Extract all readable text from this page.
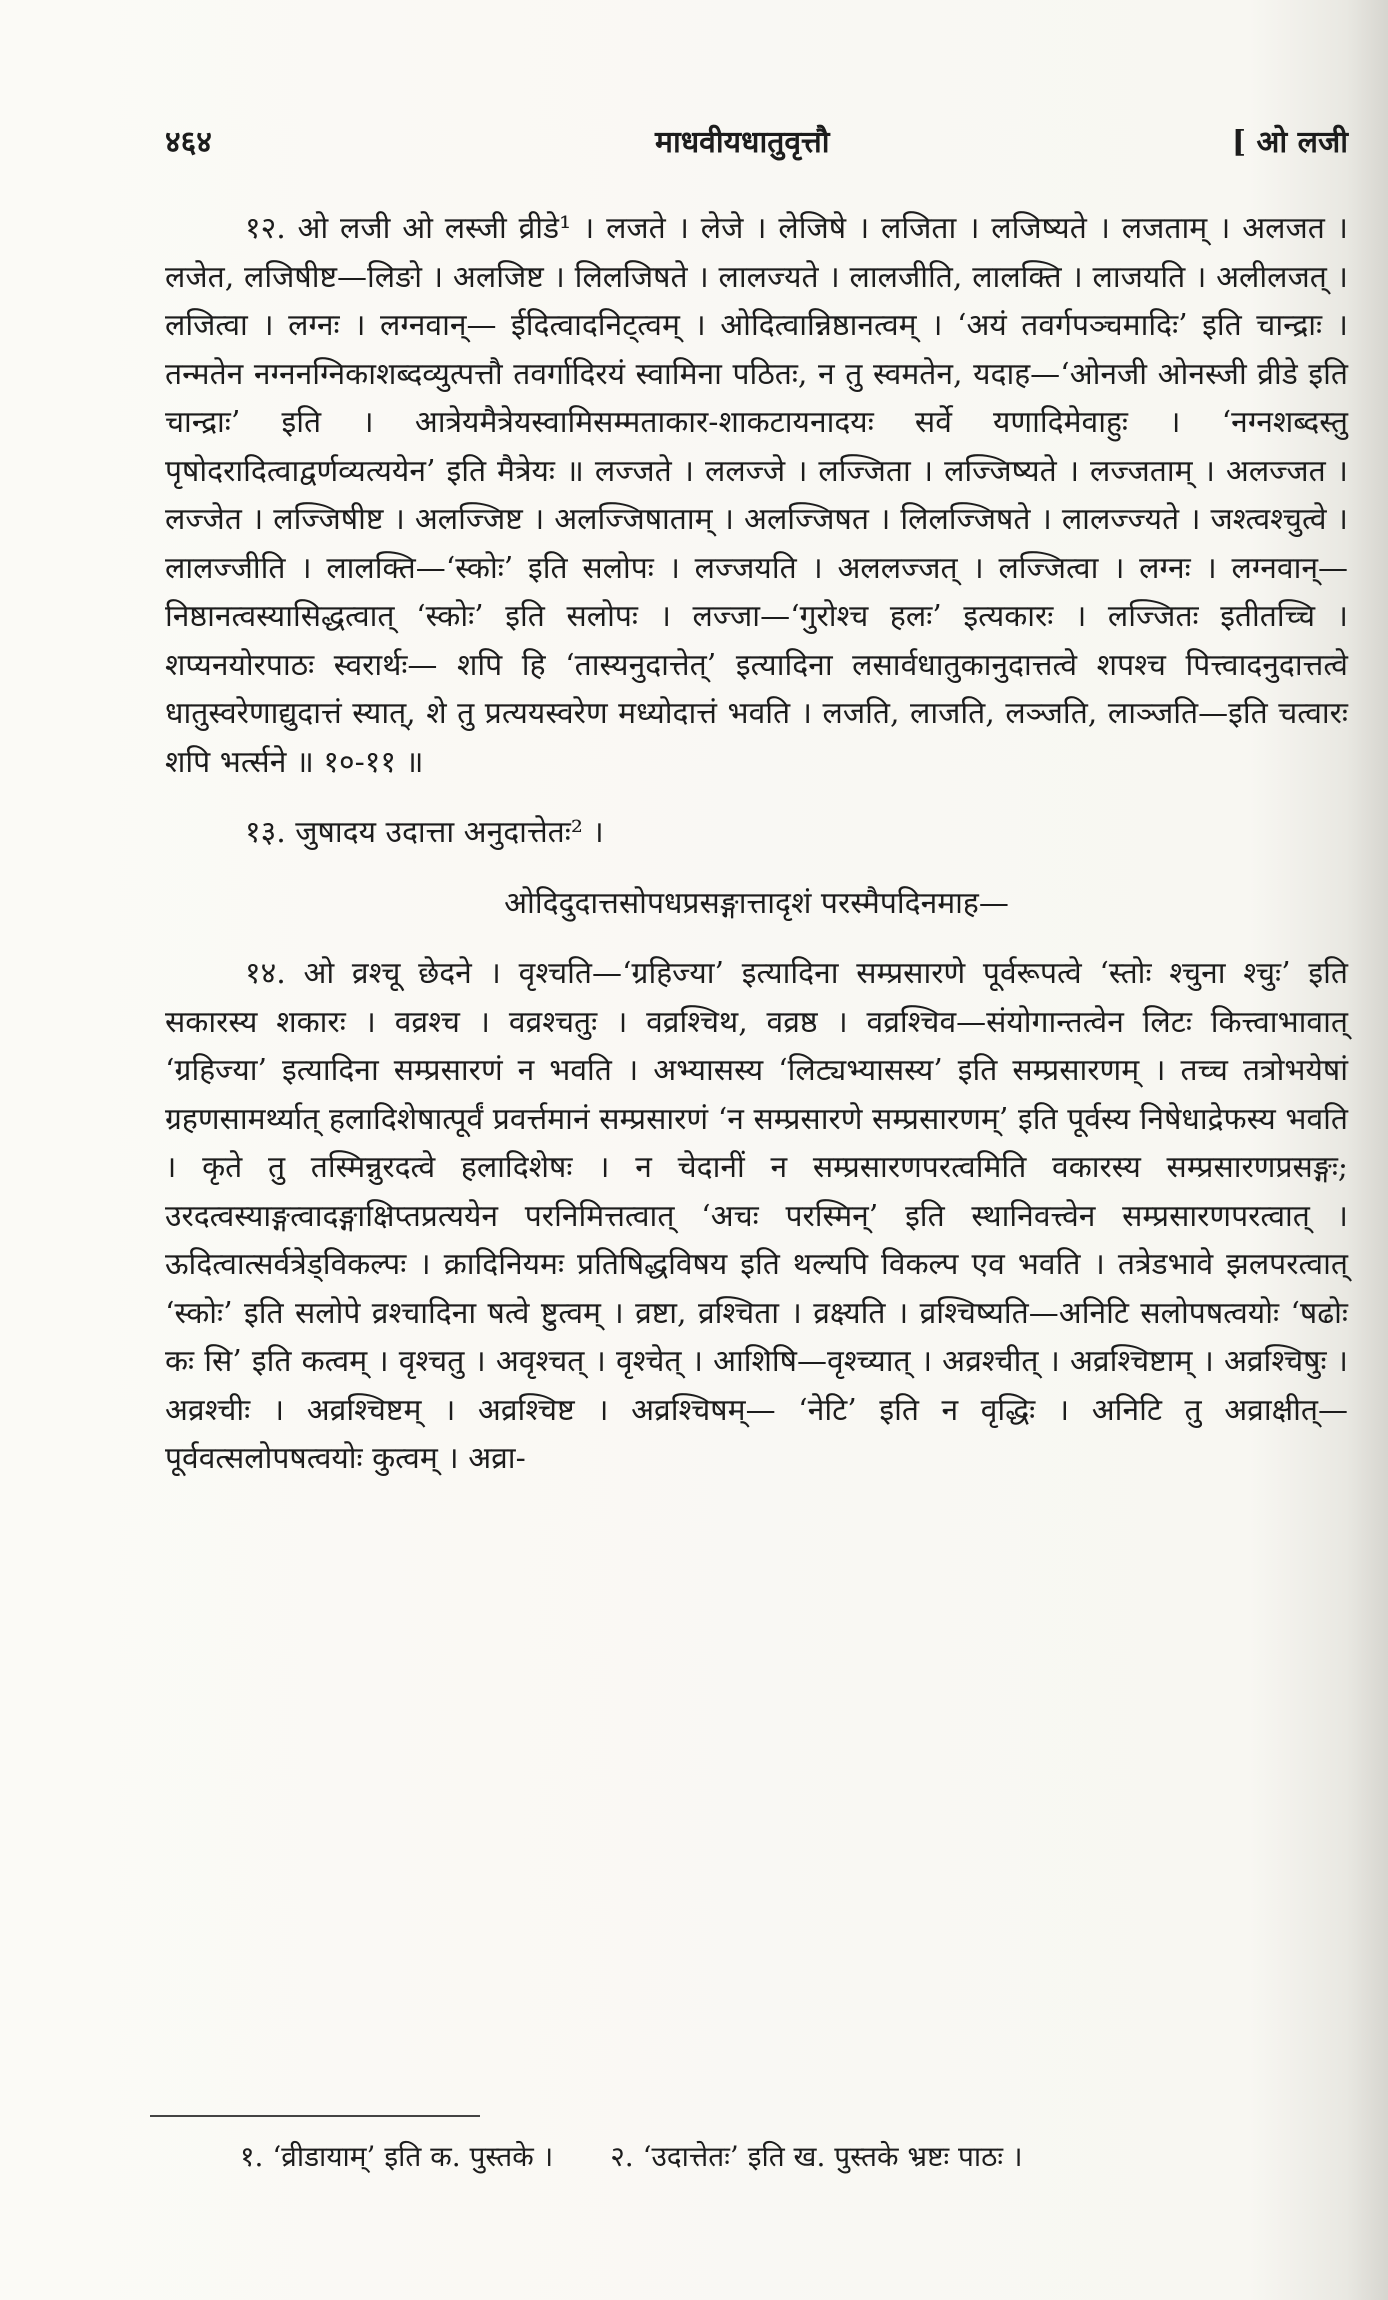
४६४	माधवीयधातुवृत्तौ	[ ओ लजी

१२. ओ लजी ओ लस्जी व्रीडे¹ । लजते । लेजे । लेजिषे । लजिता । लजिष्यते । लजताम् । अलजत । लजेत, लजिषीष्ट—लिङो । अलजिष्ट । लिलजिषते । लालज्यते । लालजीति, लालक्ति । लाजयति । अलीलजत् । लजित्वा । लग्नः । लग्नवान्— ईदित्वादनिट्त्वम् । ओदित्वान्निष्ठानत्वम् । ‘अयं तवर्गपञ्चमादिः’ इति चान्द्राः । तन्मतेन नग्ननग्निकाशब्दव्युत्पत्तौ तवर्गादिरयं स्वामिना पठितः, न तु स्वमतेन, यदाह—‘ओनजी ओनस्जी व्रीडे इति चान्द्राः’ इति । आत्रेयमैत्रेयस्वामिसम्मताकार-शाकटायनादयः सर्वे यणादिमेवाहुः । ‘नग्नशब्दस्तु पृषोदरादित्वाद्वर्णव्यत्ययेन’ इति मैत्रेयः ॥ लज्जते । ललज्जे । लज्जिता । लज्जिष्यते । लज्जताम् । अलज्जत । लज्जेत । लज्जिषीष्ट । अलज्जिष्ट । अलज्जिषाताम् । अलज्जिषत । लिलज्जिषते । लालज्ज्यते । जश्त्वश्चुत्वे । लालज्जीति । लालक्ति—‘स्कोः’ इति सलोपः । लज्जयति । अललज्जत् । लज्जित्वा । लग्नः । लग्नवान्—निष्ठानत्वस्यासिद्धत्वात् ‘स्कोः’ इति सलोपः । लज्जा—‘गुरोश्च हलः’ इत्यकारः । लज्जितः इतीतच्चि । शप्यनयोरपाठः स्वरार्थः— शपि हि ‘तास्यनुदात्तेत्’ इत्यादिना लसार्वधातुकानुदात्तत्वे शपश्च पित्त्वादनुदात्तत्वे धातुस्वरेणाद्युदात्तं स्यात्, शे तु प्रत्ययस्वरेण मध्योदात्तं भवति । लजति, लाजति, लञ्जति, लाञ्जति—इति चत्वारः शपि भर्त्सने ॥ १०-११ ॥

१३. जुषादय उदात्ता अनुदात्तेतः² ।

ओदिदुदात्तसोपधप्रसङ्गात्तादृशं परस्मैपदिनमाह—

१४. ओ व्रश्चू छेदने । वृश्चति—‘ग्रहिज्या’ इत्यादिना सम्प्रसारणे पूर्वरूपत्वे ‘स्तोः श्चुना श्चुः’ इति सकारस्य शकारः । वव्रश्च । वव्रश्चतुः । वव्रश्चिथ, वव्रष्ठ । वव्रश्चिव—संयोगान्तत्वेन लिटः कित्त्वाभावात् ‘ग्रहिज्या’ इत्यादिना सम्प्रसारणं न भवति । अभ्यासस्य ‘लिट्यभ्यासस्य’ इति सम्प्रसारणम् । तच्च तत्रोभयेषां ग्रहणसामर्थ्यात् हलादिशेषात्पूर्वं प्रवर्त्तमानं सम्प्रसारणं ‘न सम्प्रसारणे सम्प्रसारणम्’ इति पूर्वस्य निषेधाद्रेफस्य भवति । कृते तु तस्मिन्नुरदत्वे हलादिशेषः । न चेदानीं न सम्प्रसारणपरत्वमिति वकारस्य सम्प्रसारणप्रसङ्गः; उरदत्वस्याङ्गत्वादङ्गाक्षिप्तप्रत्ययेन परनिमित्तत्वात् ‘अचः परस्मिन्’ इति स्थानिवत्त्वेन सम्प्रसारणपरत्वात् । ऊदित्वात्सर्वत्रेड्विकल्पः । क्रादिनियमः प्रतिषिद्धविषय इति थल्यपि विकल्प एव भवति । तत्रेडभावे झलपरत्वात् ‘स्कोः’ इति सलोपे व्रश्चादिना षत्वे ष्टुत्वम् । व्रष्टा, व्रश्चिता । व्रक्ष्यति । व्रश्चिष्यति—अनिटि सलोपषत्वयोः ‘षढोः कः सि’ इति कत्वम् । वृश्चतु । अवृश्चत् । वृश्चेत् । आशिषि—वृश्च्यात् । अव्रश्चीत् । अव्रश्चिष्टाम् । अव्रश्चिषुः । अव्रश्चीः । अव्रश्चिष्टम् । अव्रश्चिष्ट । अव्रश्चिषम्— ‘नेटि’ इति न वृद्धिः । अनिटि तु अव्राक्षीत्—पूर्ववत्सलोपषत्वयोः कुत्वम् । अव्रा-

१. ‘व्रीडायाम्’ इति क. पुस्तके । २. ‘उदात्तेतः’ इति ख. पुस्तके भ्रष्टः पाठः ।
